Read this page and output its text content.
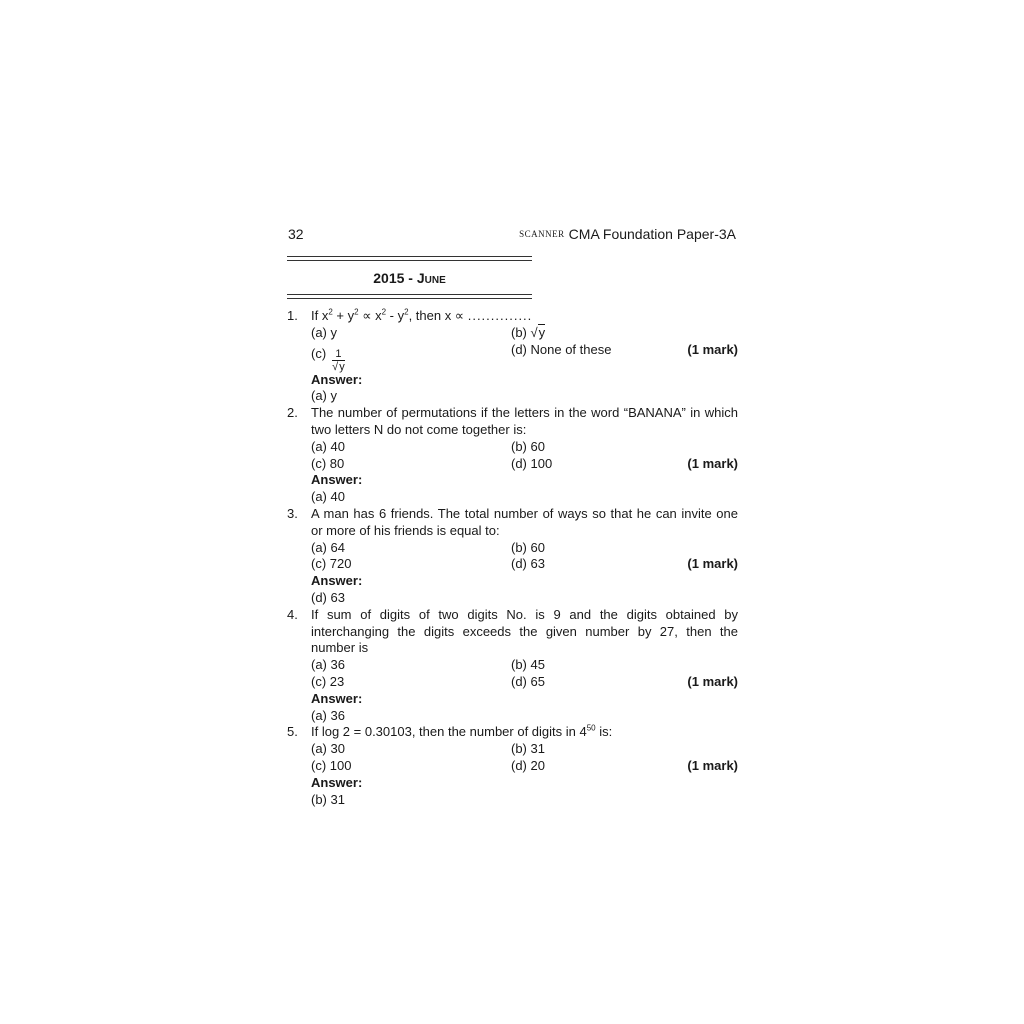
32	SCANNER CMA Foundation Paper-3A
2015 - June
1. If $x^2 + y^2 \propto x^2 - y^2$, then x ∝ ..............
(a) y	(b) √y
$(c) \frac{1}{√y}$	(d) None of these	(1 mark)
Answer:
(a) y
2. The number of permutations if the letters in the word “BANANA” in which two letters N do not come together is:
(a) 40	(b) 60
(c) 80	(d) 100	(1 mark)
Answer:
(a) 40
3. A man has 6 friends. The total number of ways so that he can invite one or more of his friends is equal to:
(a) 64	(b) 60
(c) 720	(d) 63	(1 mark)
Answer:
(d) 63
4. If sum of digits of two digits No. is 9 and the digits obtained by interchanging the digits exceeds the given number by 27, then the number is
(a) 36	(b) 45
(c) 23	(d) 65	(1 mark)
Answer:
(a) 36
5. If log 2 = 0.30103, then the number of digits in $4^{50}$ is:
(a) 30	(b) 31
(c) 100	(d) 20	(1 mark)
Answer:
(b) 31
